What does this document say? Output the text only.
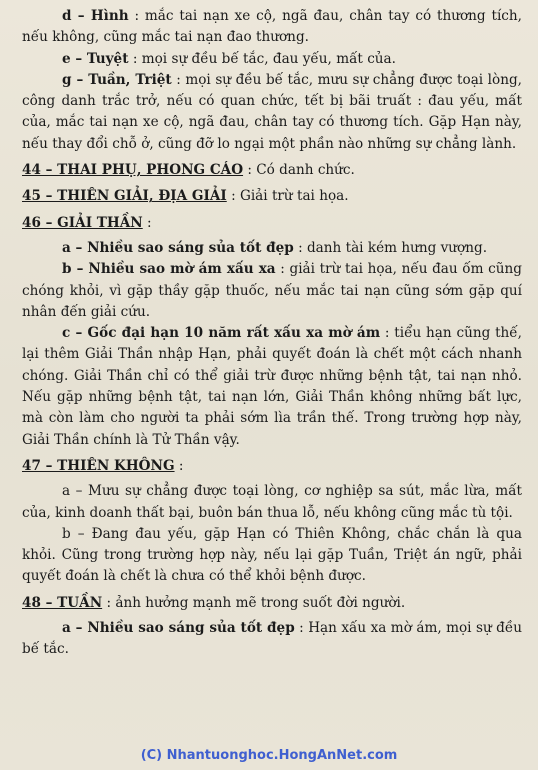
d – Hình : mắc tai nạn xe cộ, ngã đau, chân tay có thương tích, nếu không, cũng mắc tai nạn đao thương.

e – Tuyệt : mọi sự đều bế tắc, đau yếu, mất của.

g – Tuần, Triệt : mọi sự đều bế tắc, mưu sự chẳng được toại lòng, công danh trắc trở, nếu có quan chức, tết bị bãi truất : đau yếu, mất của, mắc tai nạn xe cộ, ngã đau, chân tay có thương tích. Gặp Hạn này, nếu thay đổi chỗ ở, cũng đỡ lo ngại một phần nào những sự chẳng lành.

44 – THAI PHỤ, PHONG CÁO : Có danh chức.

45 – THIÊN GIẢI, ĐỊA GIẢI : Giải trừ tai họa.

46 – GIẢI THẦN :

a – Nhiều sao sáng sủa tốt đẹp : danh tài kém hưng vượng.

b – Nhiều sao mờ ám xấu xa : giải trừ tai họa, nếu đau ốm cũng chóng khỏi, vì gặp thầy gặp thuốc, nếu mắc tai nạn cũng sớm gặp quí nhân đến giải cứu.

c – Gốc đại hạn 10 năm rất xấu xa mờ ám : tiểu hạn cũng thế, lại thêm Giải Thần nhập Hạn, phải quyết đoán là chết một cách nhanh chóng. Giải Thần chỉ có thể giải trừ được những bệnh tật, tai nạn nhỏ. Nếu gặp những bệnh tật, tai nạn lớn, Giải Thần không những bất lực, mà còn làm cho người ta phải sớm lìa trần thế. Trong trường hợp này, Giải Thần chính là Tử Thần vậy.

47 – THIÊN KHÔNG :

a – Mưu sự chẳng được toại lòng, cơ nghiệp sa sút, mắc lừa, mất của, kinh doanh thất bại, buôn bán thua lỗ, nếu không cũng mắc tù tội.

b – Đang đau yếu, gặp Hạn có Thiên Không, chắc chắn là qua khỏi. Cũng trong trường hợp này, nếu lại gặp Tuần, Triệt án ngữ, phải quyết đoán là chết là chưa có thể khỏi bệnh được.

48 – TUẦN : ảnh hưởng mạnh mẽ trong suốt đời người.

a – Nhiều sao sáng sủa tốt đẹp : Hạn xấu xa mờ ám, mọi sự đều bế tắc.

(C) Nhantuonghoc.HongAnNet.com
